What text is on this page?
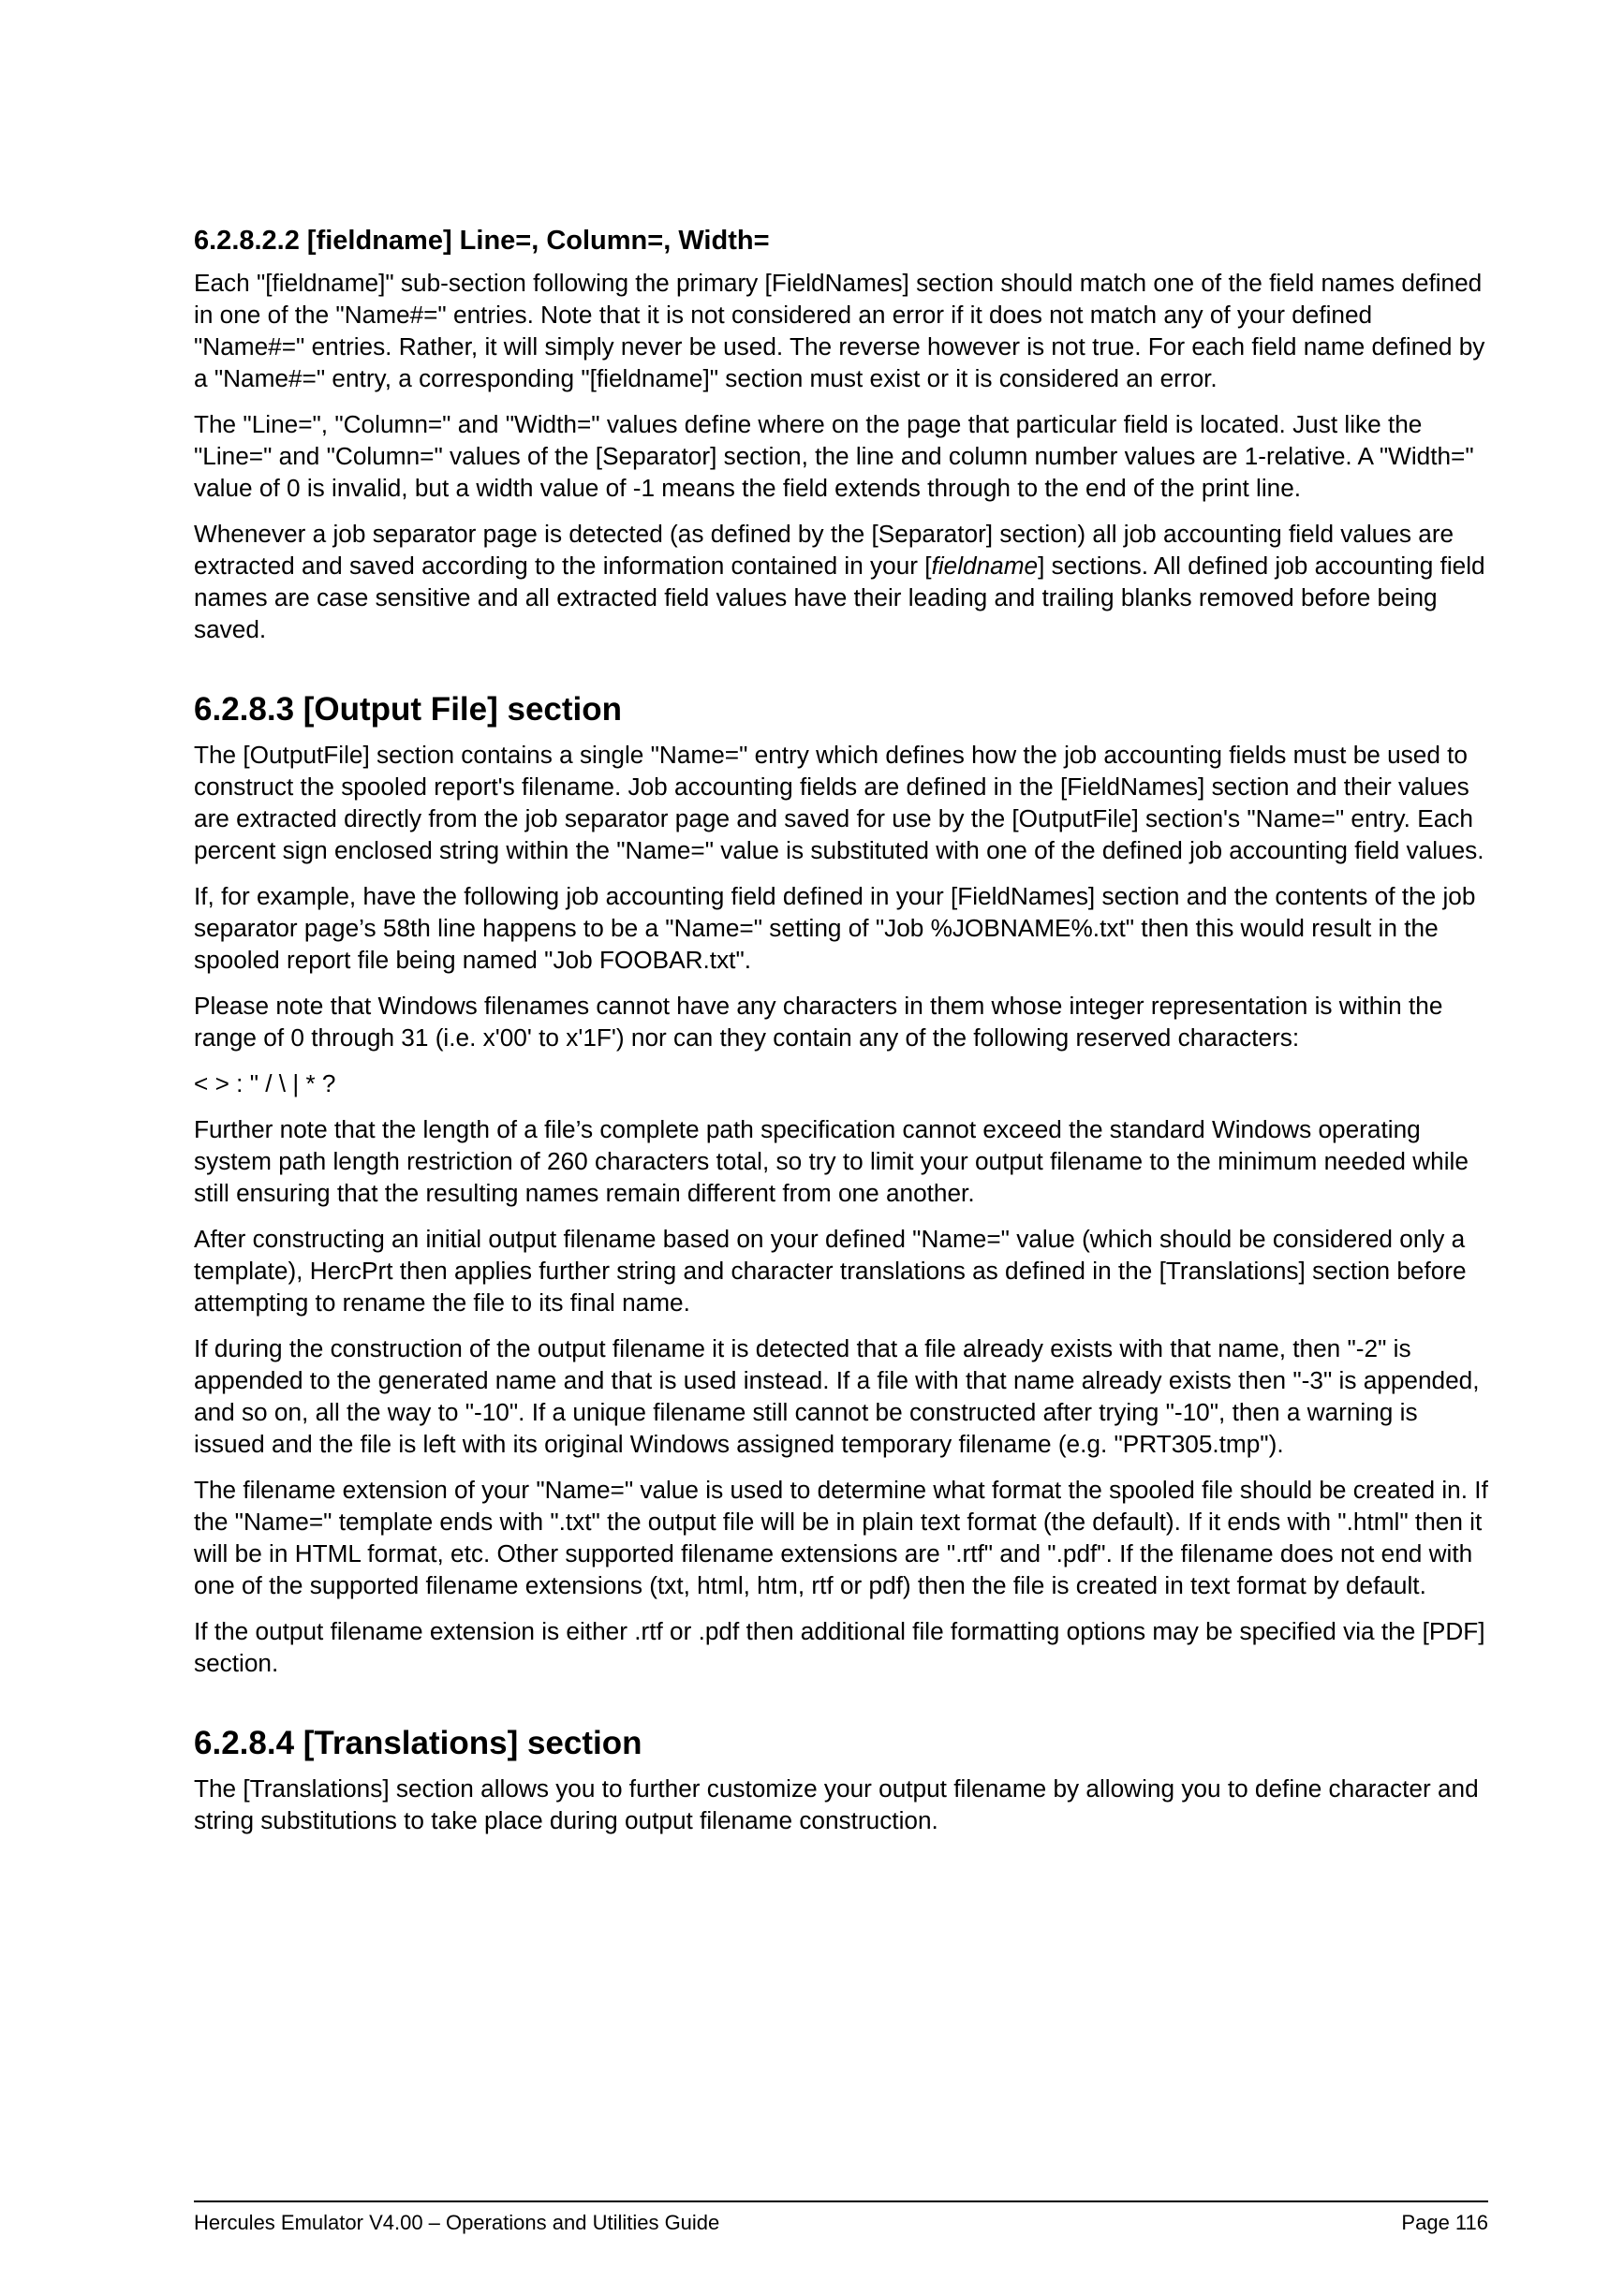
6.2.8.2.2 [fieldname] Line=, Column=, Width=

Each "[fieldname]" sub-section following the primary [FieldNames] section should match one of the field names defined in one of the "Name#=" entries. Note that it is not considered an error if it does not match any of your defined "Name#=" entries. Rather, it will simply never be used. The reverse however is not true. For each field name defined by a "Name#=" entry, a corresponding "[fieldname]" section must exist or it is considered an error.

The "Line=", "Column=" and "Width=" values define where on the page that particular field is located. Just like the "Line=" and "Column=" values of the [Separator] section, the line and column number values are 1-relative. A "Width=" value of 0 is invalid, but a width value of -1 means the field extends through to the end of the print line.

Whenever a job separator page is detected (as defined by the [Separator] section) all job accounting field values are extracted and saved according to the information contained in your [fieldname] sections. All defined job accounting field names are case sensitive and all extracted field values have their leading and trailing blanks removed before being saved.

6.2.8.3 [Output File] section

The [OutputFile] section contains a single "Name=" entry which defines how the job accounting fields must be used to construct the spooled report's filename. Job accounting fields are defined in the [FieldNames] section and their values are extracted directly from the job separator page and saved for use by the [OutputFile] section's "Name=" entry. Each percent sign enclosed string within the "Name=" value is substituted with one of the defined job accounting field values.

If, for example, have the following job accounting field defined in your [FieldNames] section and the contents of the job separator page’s 58th line happens to be a "Name=" setting of "Job %JOBNAME%.txt" then this would result in the spooled report file being named "Job FOOBAR.txt".

Please note that Windows filenames cannot have any characters in them whose integer representation is within the range of 0 through 31 (i.e. x'00' to x'1F') nor can they contain any of the following reserved characters:

< > : " / \ | * ?

Further note that the length of a file’s complete path specification cannot exceed the standard Windows operating system path length restriction of 260 characters total, so try to limit your output filename to the minimum needed while still ensuring that the resulting names remain different from one another.

After constructing an initial output filename based on your defined "Name=" value (which should be considered only a template), HercPrt then applies further string and character translations as defined in the [Translations] section before attempting to rename the file to its final name.

If during the construction of the output filename it is detected that a file already exists with that name, then "-2" is appended to the generated name and that is used instead. If a file with that name already exists then "-3" is appended, and so on, all the way to "-10". If a unique filename still cannot be constructed after trying "-10", then a warning is issued and the file is left with its original Windows assigned temporary filename (e.g. "PRT305.tmp").

The filename extension of your "Name=" value is used to determine what format the spooled file should be created in. If the "Name=" template ends with ".txt" the output file will be in plain text format (the default). If it ends with ".html" then it will be in HTML format, etc. Other supported filename extensions are ".rtf" and ".pdf". If the filename does not end with one of the supported filename extensions (txt, html, htm, rtf or pdf) then the file is created in text format by default.

If the output filename extension is either .rtf or .pdf then additional file formatting options may be specified via the [PDF] section.

6.2.8.4 [Translations] section

The [Translations] section allows you to further customize your output filename by allowing you to define character and string substitutions to take place during output filename construction.

Hercules Emulator V4.00 – Operations and Utilities Guide	Page 116
